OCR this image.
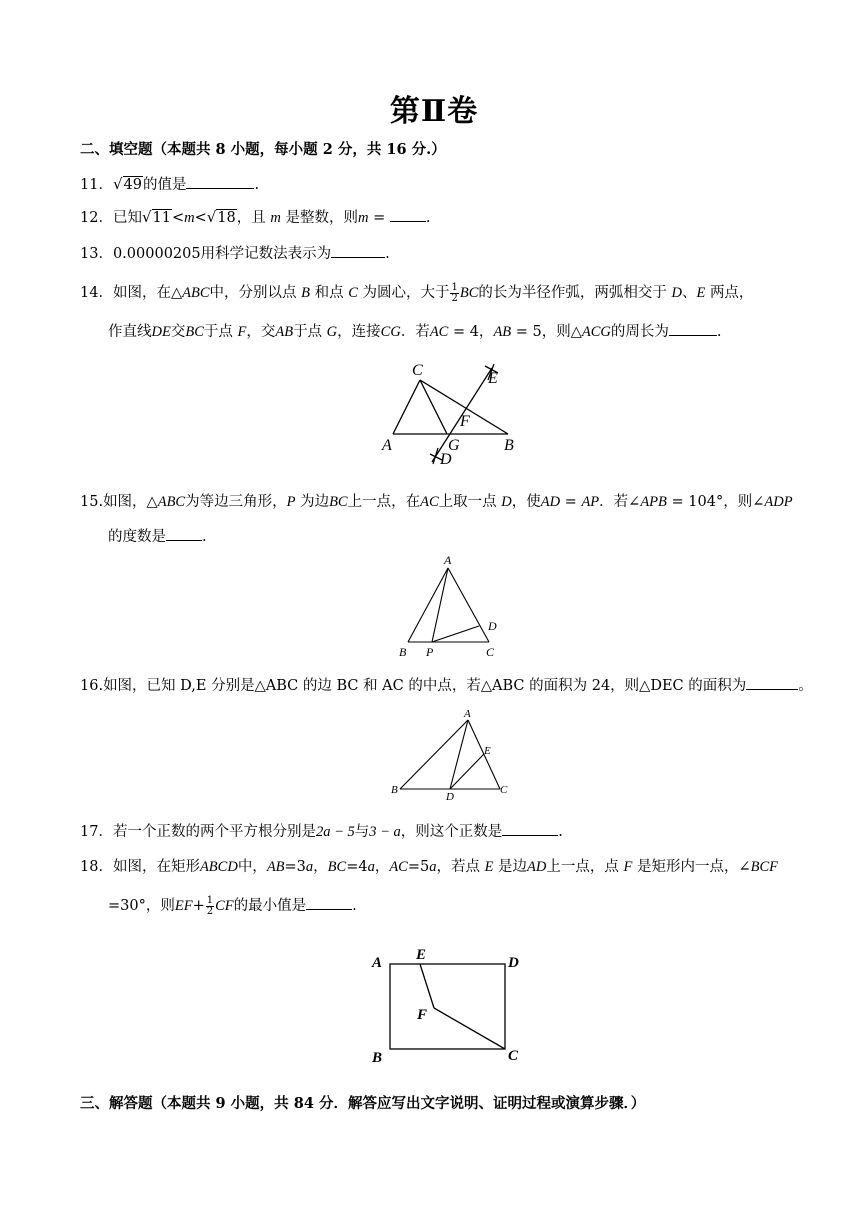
第Ⅱ卷
二、填空题（本题共 8 小题，每小题 2 分，共 16 分.）
11．√49的值是	.
12．已知√11<m<√18，且 m 是整数，则m = .
13．0.00000205用科学记数法表示为	.
14．如图，在△ABC中，分别以点 B 和点 C 为圆心，大于 $\frac{1}{2}$ BC的长为半径作弧，两弧相交于 D、E 两点，
作直线DE交BC于点 F，交AB于点 G，连接CG．若AC = 4，AB = 5，则△ACG的周长为	.
A	B
C
D
E
F
G
15.如图，△ABC为等边三角形，P 为边BC上一点，在AC上取一点 D，使AD = AP．若∠APB = 104°，则∠ADP
的度数是 .
A
B P	C
D
16.如图，已知 D,E 分别是△ABC 的边 BC 和 AC 的中点，若△ABC 的面积为 24，则△DEC 的面积为	。
A
B
D
C
E
17．若一个正数的两个平方根分别是2a − 5与3 − a，则这个正数是	.
18．如图，在矩形ABCD中，AB=3a，BC=4a，AC=5a，若点 E 是边AD上一点，点 F 是矩形内一点，∠BCF
=30°，则$EF+ \frac{1}{2}$ CF的最小值是	.
A E	D
F
B	C
三、解答题（本题共 9 小题，共 84 分．解答应写出文字说明、证明过程或演算步骤．）
